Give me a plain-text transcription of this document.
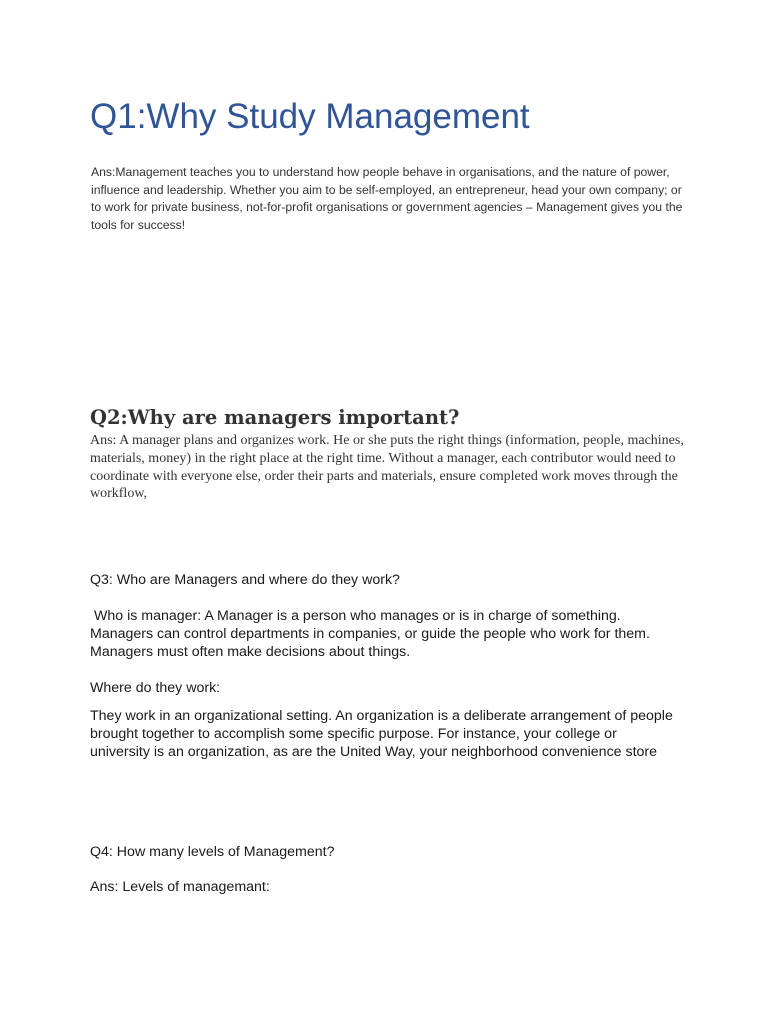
Q1:Why Study Management

Ans:Management teaches you to understand how people behave in organisations, and the nature of power, influence and leadership. Whether you aim to be self-employed, an entrepreneur, head your own company; or to work for private business, not-for-profit organisations or government agencies – Management gives you the tools for success!

Q2:Why are managers important?

Ans: A manager plans and organizes work. He or she puts the right things (information, people, machines, materials, money) in the right place at the right time. Without a manager, each contributor would need to coordinate with everyone else, order their parts and materials, ensure completed work moves through the workflow,

Q3: Who are Managers and where do they work?

Who is manager: A Manager is a person who manages or is in charge of something. Managers can control departments in companies, or guide the people who work for them. Managers must often make decisions about things.

Where do they work:

They work in an organizational setting. An organization is a deliberate arrangement of people brought together to accomplish some specific purpose. For instance, your college or university is an organization, as are the United Way, your neighborhood convenience store

Q4: How many levels of Management?

Ans: Levels of managemant:
